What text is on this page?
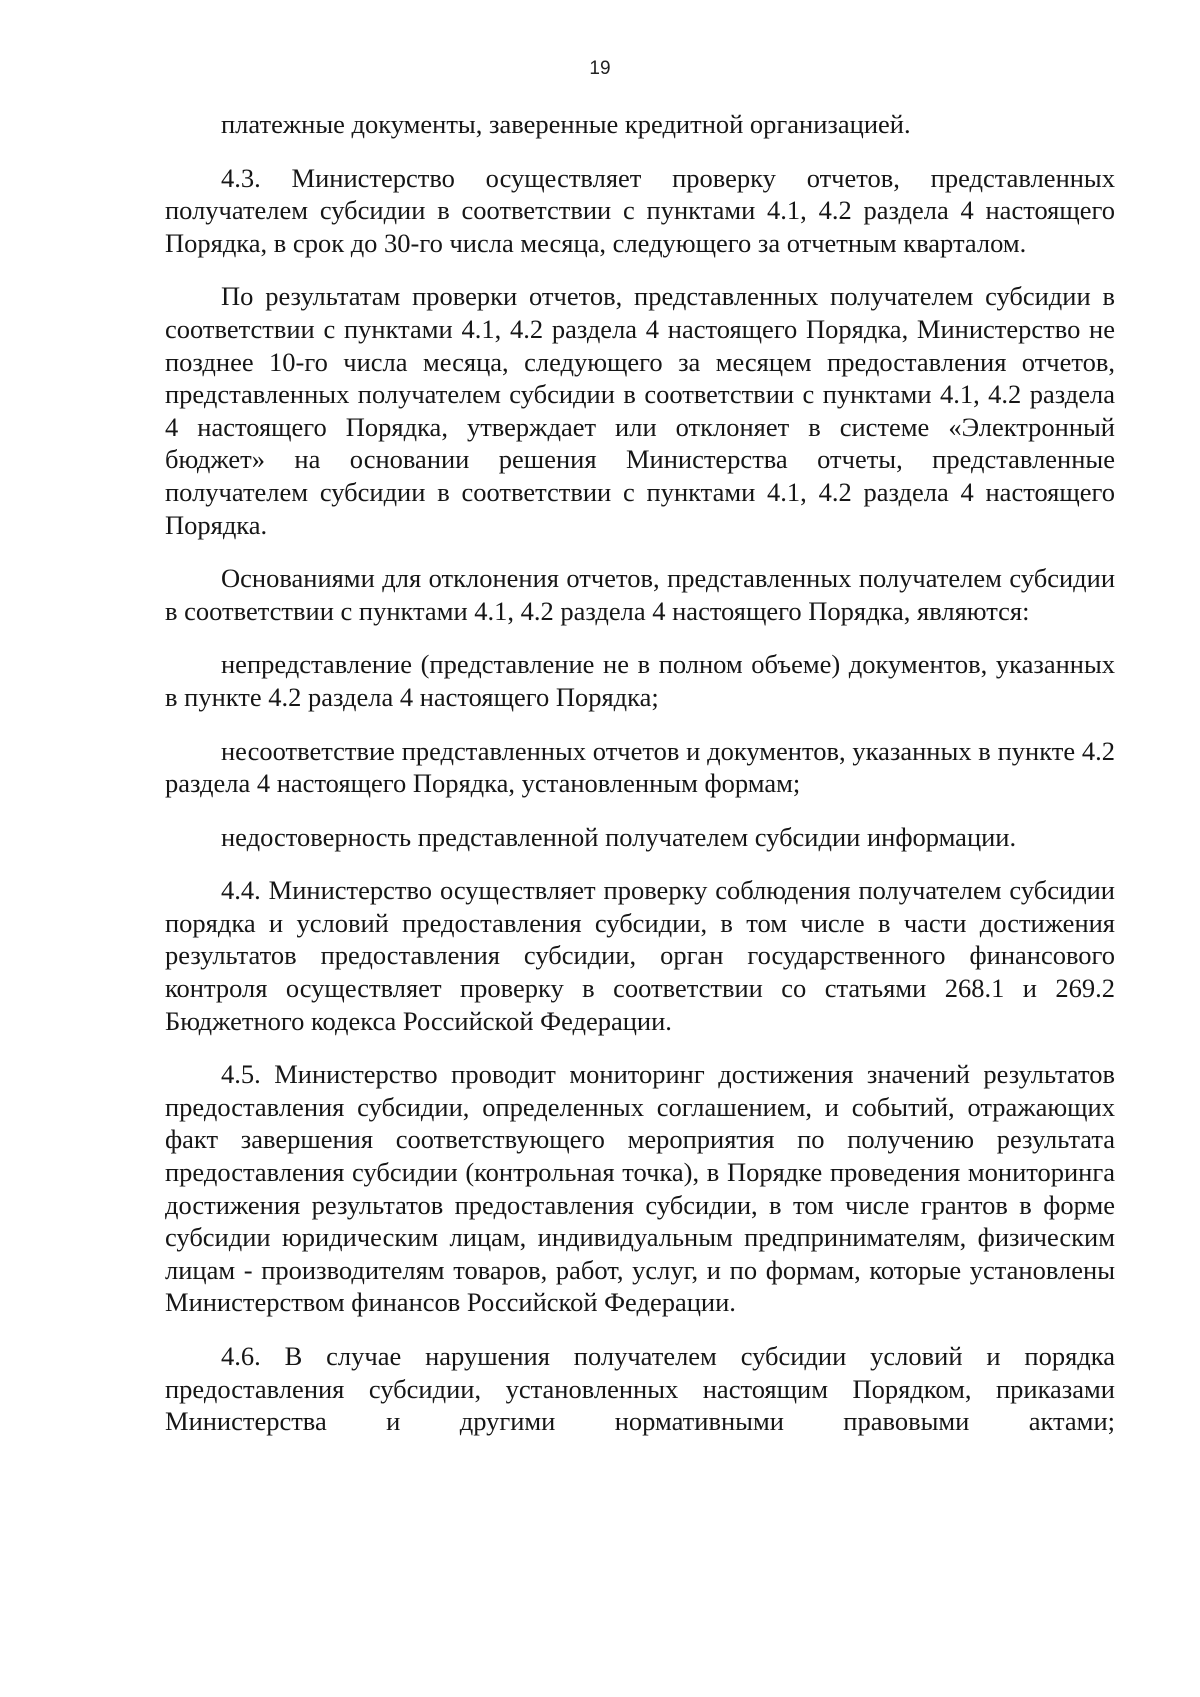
19

платежные документы, заверенные кредитной организацией.

4.3. Министерство осуществляет проверку отчетов, представленных получателем субсидии в соответствии с пунктами 4.1, 4.2 раздела 4 настоящего Порядка, в срок до 30-го числа месяца, следующего за отчетным кварталом.

По результатам проверки отчетов, представленных получателем субсидии в соответствии с пунктами 4.1, 4.2 раздела 4 настоящего Порядка, Министерство не позднее 10-го числа месяца, следующего за месяцем предоставления отчетов, представленных получателем субсидии в соответствии с пунктами 4.1, 4.2 раздела 4 настоящего Порядка, утверждает или отклоняет в системе «Электронный бюджет» на основании решения Министерства отчеты, представленные получателем субсидии в соответствии с пунктами 4.1, 4.2 раздела 4 настоящего Порядка.

Основаниями для отклонения отчетов, представленных получателем субсидии в соответствии с пунктами 4.1, 4.2 раздела 4 настоящего Порядка, являются:

непредставление (представление не в полном объеме) документов, указанных в пункте 4.2 раздела 4 настоящего Порядка;

несоответствие представленных отчетов и документов, указанных в пункте 4.2 раздела 4 настоящего Порядка, установленным формам;

недостоверность представленной получателем субсидии информации.

4.4. Министерство осуществляет проверку соблюдения получателем субсидии порядка и условий предоставления субсидии, в том числе в части достижения результатов предоставления субсидии, орган государственного финансового контроля осуществляет проверку в соответствии со статьями 268.1 и 269.2 Бюджетного кодекса Российской Федерации.

4.5. Министерство проводит мониторинг достижения значений результатов предоставления субсидии, определенных соглашением, и событий, отражающих факт завершения соответствующего мероприятия по получению результата предоставления субсидии (контрольная точка), в Порядке проведения мониторинга достижения результатов предоставления субсидии, в том числе грантов в форме субсидии юридическим лицам, индивидуальным предпринимателям, физическим лицам - производителям товаров, работ, услуг, и по формам, которые установлены Министерством финансов Российской Федерации.

4.6. В случае нарушения получателем субсидии условий и порядка предоставления субсидии, установленных настоящим Порядком, приказами Министерства и другими нормативными правовыми актами;
